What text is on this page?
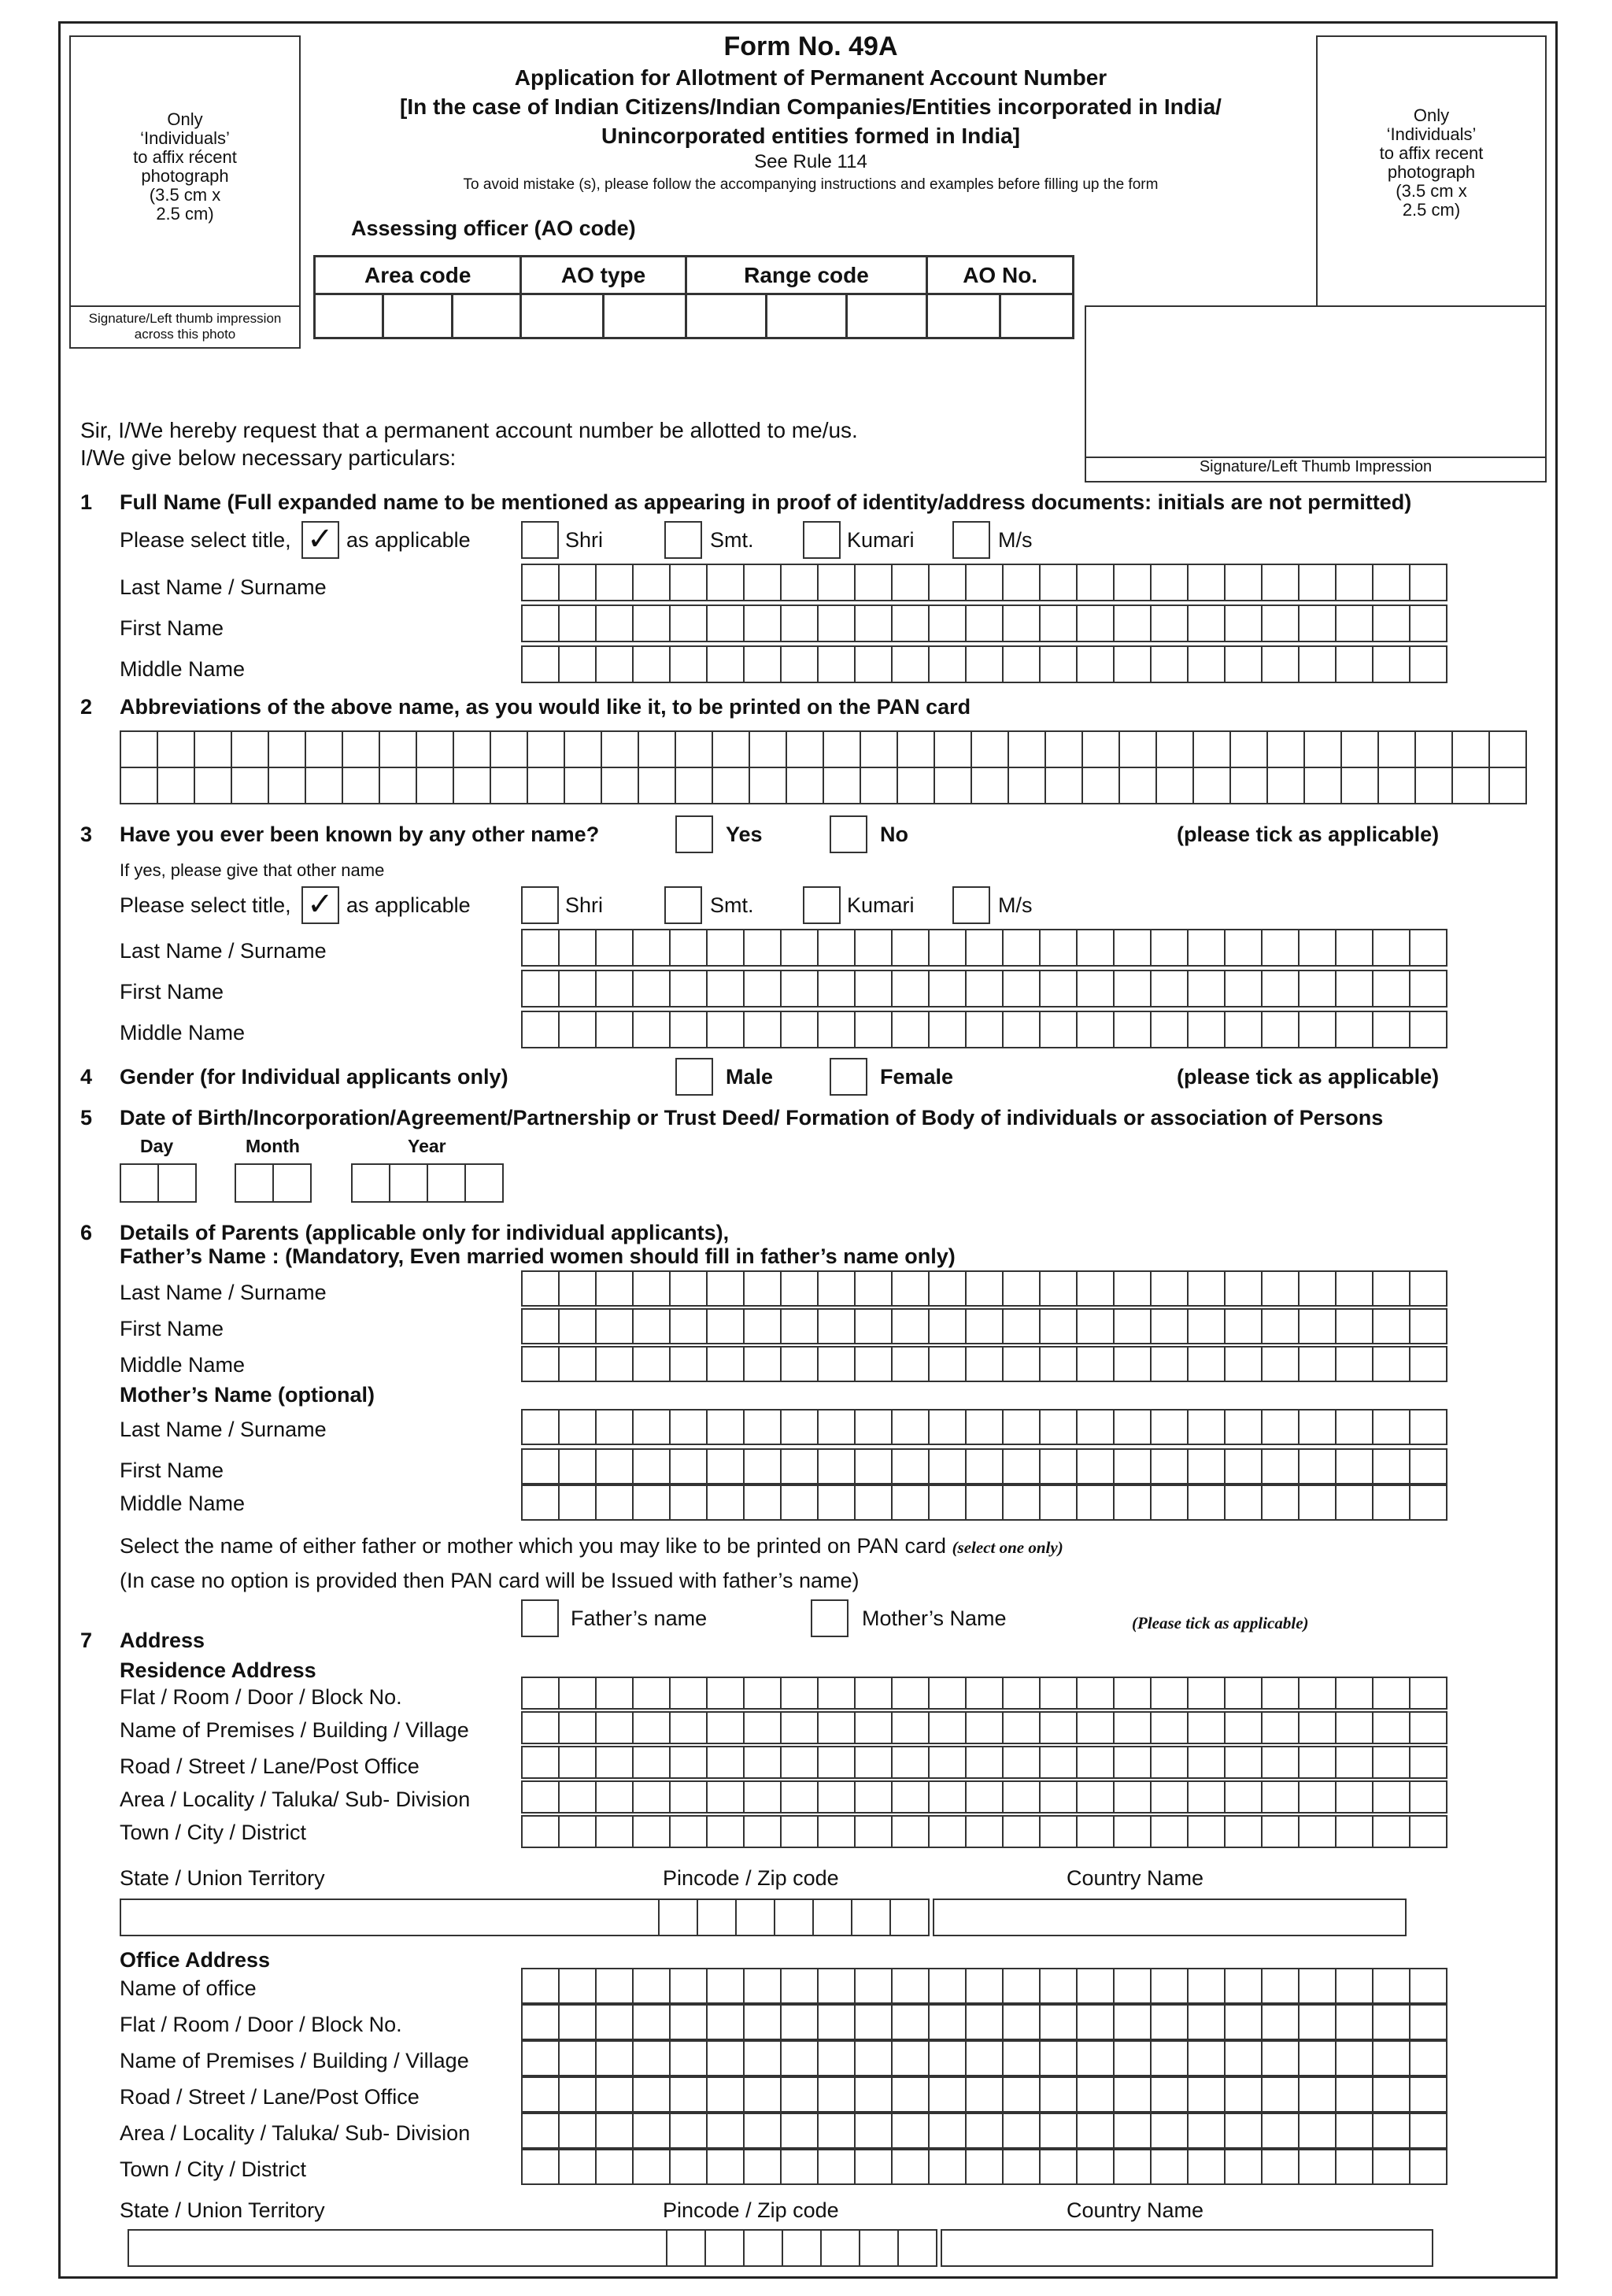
Only
‘Individuals’
to affix récent
photograph
(3.5 cm x
2.5 cm)
Signature/Left thumb impression
across this photo
Only
‘Individuals’
to affix recent
photograph
(3.5 cm x
2.5 cm)
Signature/Left Thumb Impression
Form No. 49A
Application for Allotment of Permanent Account Number
[In the case of Indian Citizens/Indian Companies/Entities incorporated in India/
Unincorporated entities formed in India]
See Rule 114
To avoid mistake (s), please follow the accompanying instructions and examples before filling up the form
Assessing officer (AO code)
Area code			AO type		Range code			AO No.	

Sir, I/We hereby request that a permanent account number be allotted to me/us.
I/We give below necessary particulars:
1 Full Name (Full expanded name to be mentioned as appearing in proof of identity/address documents: initials are not permitted)
Please select title, ✓ as applicable	Shri	Smt.	Kumari	M/s
Last Name / Surname
First Name
Middle Name
2 Abbreviations of the above name, as you would like it, to be printed on the PAN card
3 Have you ever been known by any other name?	Yes	No	(please tick as applicable)
If yes, please give that other name
Please select title, ✓ as applicable	Shri	Smt.	Kumari	M/s
Last Name / Surname
First Name
Middle Name
4 Gender (for Individual applicants only)	Male	Female	(please tick as applicable)
5 Date of Birth/Incorporation/Agreement/Partnership or Trust Deed/ Formation of Body of individuals or association of Persons
Day	Month	Year
6 Details of Parents (applicable only for individual applicants),
Father’s Name : (Mandatory, Even married women should fill in father’s name only)
Last Name / Surname
First Name
Middle Name
Mother’s Name (optional)
Last Name / Surname
First Name
Middle Name
Select the name of either father or mother which you may like to be printed on PAN card (select one only)
(In case no option is provided then PAN card will be Issued with father’s name)
Father’s name	Mother’s Name	(Please tick as applicable)
7 Address
Residence Address
Flat / Room / Door / Block No.
Name of Premises / Building / Village
Road / Street / Lane/Post Office
Area / Locality / Taluka/ Sub- Division
Town / City / District
State / Union Territory	Pincode / Zip code	Country Name
Office Address
Name of office
Flat / Room / Door / Block No.
Name of Premises / Building / Village
Road / Street / Lane/Post Office
Area / Locality / Taluka/ Sub- Division
Town / City / District
State / Union Territory	Pincode / Zip code	Country Name
